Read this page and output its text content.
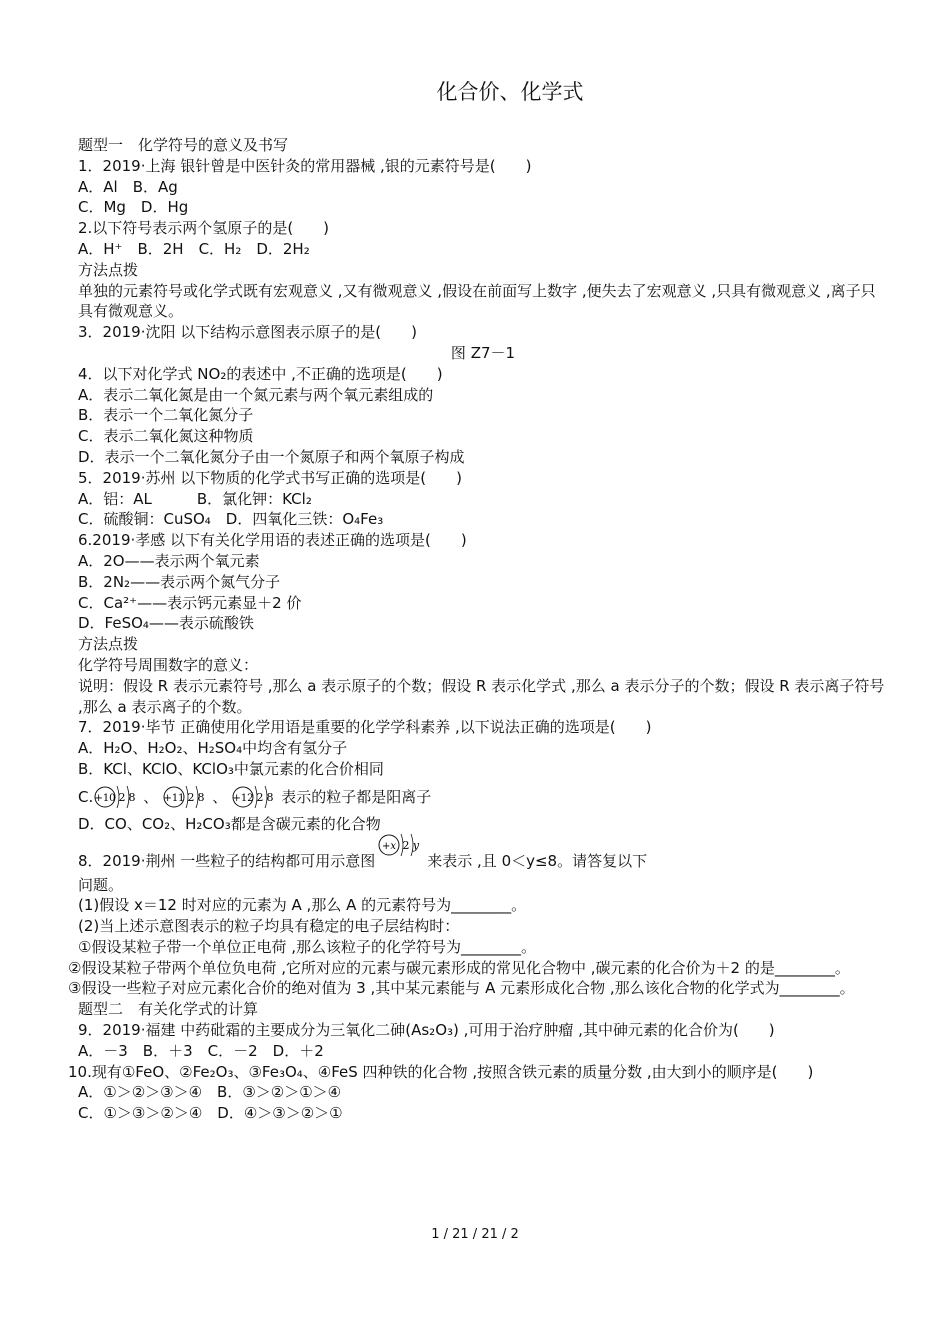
化合价、化学式
题型一　化学符号的意义及书写
1．2019·上海 银针曾是中医针灸的常用器械 ,银的元素符号是(　　)
A．Al　B．Ag
C．Mg　D．Hg
2.以下符号表示两个氢原子的是(　　)
A．H⁺　B．2H　C．H₂　D．2H₂
方法点拨
单独的元素符号或化学式既有宏观意义 ,又有微观意义 ,假设在前面写上数字 ,便失去了宏观意义 ,只具有微观意义 ,离子只具有微观意义。
3．2019·沈阳 以下结构示意图表示原子的是(　　)
图 Z7－1
4．以下对化学式 NO₂的表述中 ,不正确的选项是(　　)
A．表示二氧化氮是由一个氮元素与两个氧元素组成的
B．表示一个二氧化氮分子
C．表示二氧化氮这种物质
D．表示一个二氧化氮分子由一个氮原子和两个氧原子构成
5．2019·苏州 以下物质的化学式书写正确的选项是(　　)
A．铝：AL　　　B．氯化钾：KCl₂
C．硫酸铜：CuSO₄　D．四氧化三铁：O₄Fe₃
6.2019·孝感 以下有关化学用语的表述正确的选项是(　　)
A．2O——表示两个氧元素
B．2N₂——表示两个氮气分子
C．Ca²⁺——表示钙元素显＋2 价
D．FeSO₄——表示硫酸铁
方法点拨
化学符号周围数字的意义：
说明：假设 R 表示元素符号 ,那么 a 表示原子的个数；假设 R 表示化学式 ,那么 a 表示分子的个数；假设 R 表示离子符号 ,那么 a 表示离子的个数。
7．2019·毕节 正确使用化学用语是重要的化学学科素养 ,以下说法正确的选项是(　　)
A．H₂O、H₂O₂、H₂SO₄中均含有氢分子
B．KCl、KClO、KClO₃中氯元素的化合价相同
C. +10 2 8 、 +11 2 8 、 +12 2 8 表示的粒子都是阳离子
D．CO、CO₂、H₂CO₃都是含碳元素的化合物
8．2019·荆州 一些粒子的结构都可用示意图
+x 2 y
来表示 ,且 0＜y≤8。请答复以下
问题。
(1)假设 x＝12 时对应的元素为 A ,那么 A 的元素符号为________。
(2)当上述示意图表示的粒子均具有稳定的电子层结构时：
①假设某粒子带一个单位正电荷 ,那么该粒子的化学符号为________。
②假设某粒子带两个单位负电荷 ,它所对应的元素与碳元素形成的常见化合物中 ,碳元素的化合价为＋2 的是________。
③假设一些粒子对应元素化合价的绝对值为 3 ,其中某元素能与 A 元素形成化合物 ,那么该化合物的化学式为________。
题型二　有关化学式的计算
9．2019·福建 中药砒霜的主要成分为三氧化二砷(As₂O₃) ,可用于治疗肿瘤 ,其中砷元素的化合价为(　　)
A．－3　B．＋3　C．－2　D．＋2
10.现有①FeO、②Fe₂O₃、③Fe₃O₄、④FeS 四种铁的化合物 ,按照含铁元素的质量分数 ,由大到小的顺序是(　　)
A．①＞②＞③＞④　B．③＞②＞①＞④
C．①＞③＞②＞④　D．④＞③＞②＞①
1 / 21 / 21 / 2
